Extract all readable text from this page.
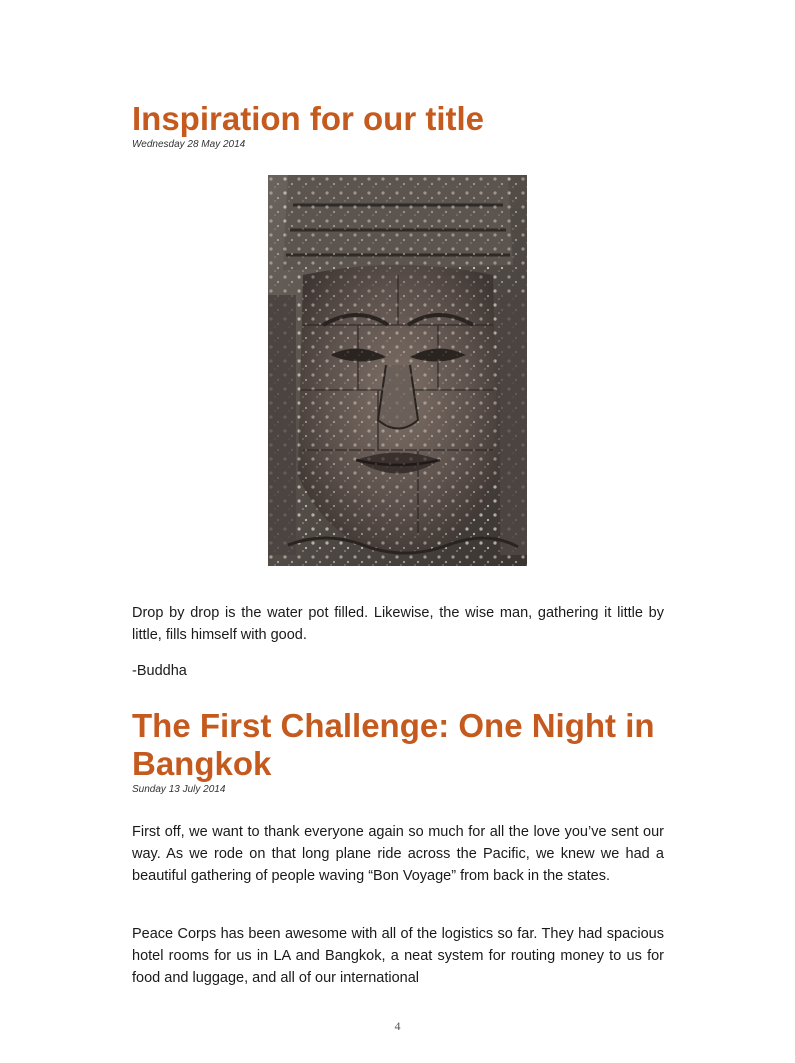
Inspiration for our title
Wednesday 28 May 2014

Drop by drop is the water pot filled. Likewise, the wise man, gathering it little by little, fills himself with good.

-Buddha

The First Challenge: One Night in Bangkok
Sunday 13 July 2014

First off, we want to thank everyone again so much for all the love you’ve sent our way. As we rode on that long plane ride across the Pacific, we knew we had a beautiful gathering of people waving “Bon Voyage” from back in the states.

Peace Corps has been awesome with all of the logistics so far. They had spacious hotel rooms for us in LA and Bangkok, a neat system for routing money to us for food and luggage, and all of our international

4
